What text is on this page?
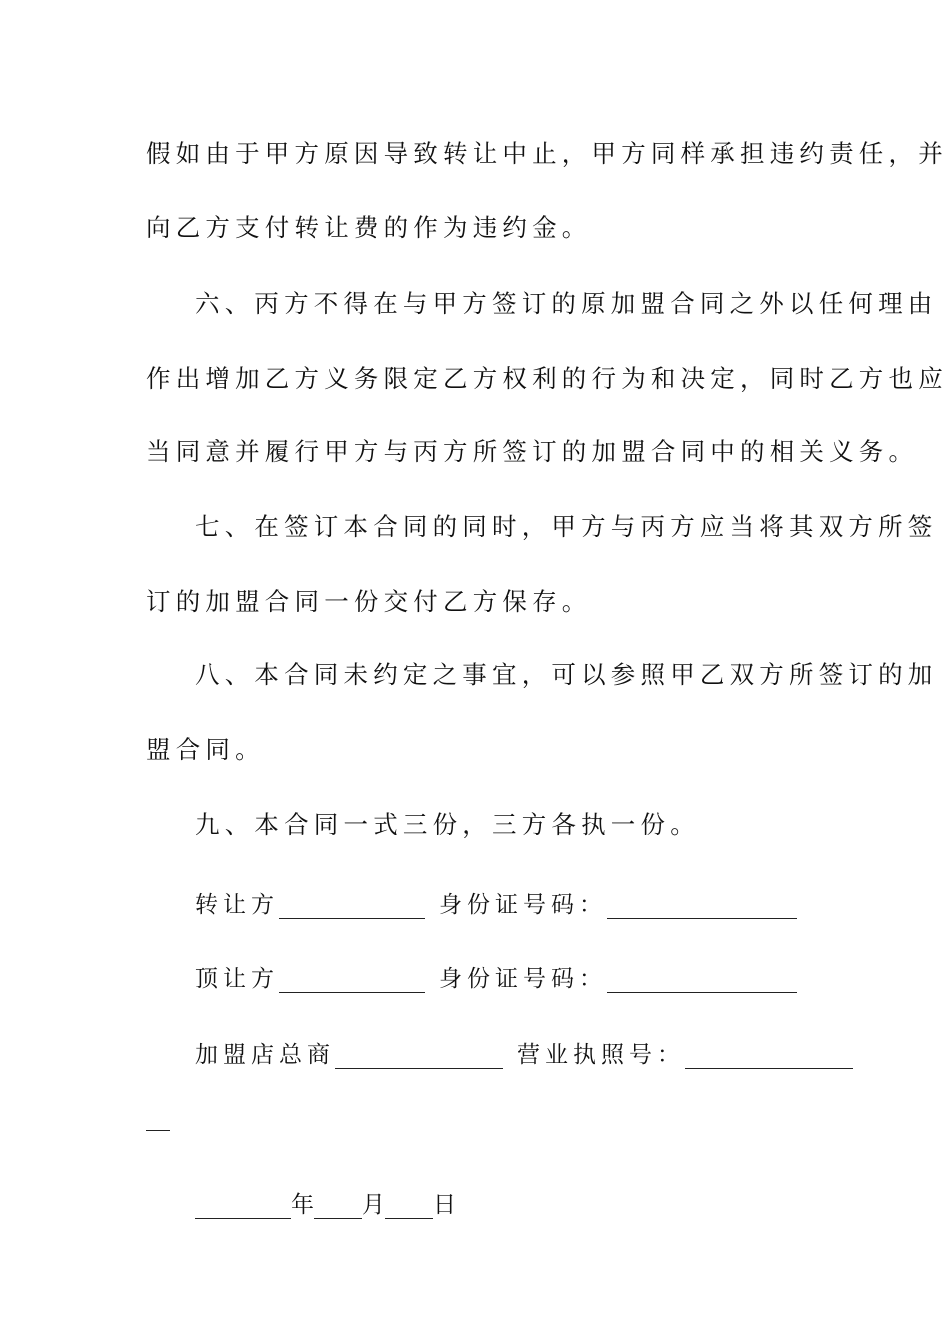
假如由于甲方原因导致转让中止，甲方同样承担违约责任，并
向乙方支付转让费的作为违约金。
六、丙方不得在与甲方签订的原加盟合同之外以任何理由
作出增加乙方义务限定乙方权利的行为和决定，同时乙方也应
当同意并履行甲方与丙方所签订的加盟合同中的相关义务。
七、在签订本合同的同时，甲方与丙方应当将其双方所签
订的加盟合同一份交付乙方保存。
八、本合同未约定之事宜，可以参照甲乙双方所签订的加
盟合同。
九、本合同一式三份，三方各执一份。
转让方	身份证号码：
顶让方	身份证号码：
加盟店总商	营业执照号：
年 月 日
